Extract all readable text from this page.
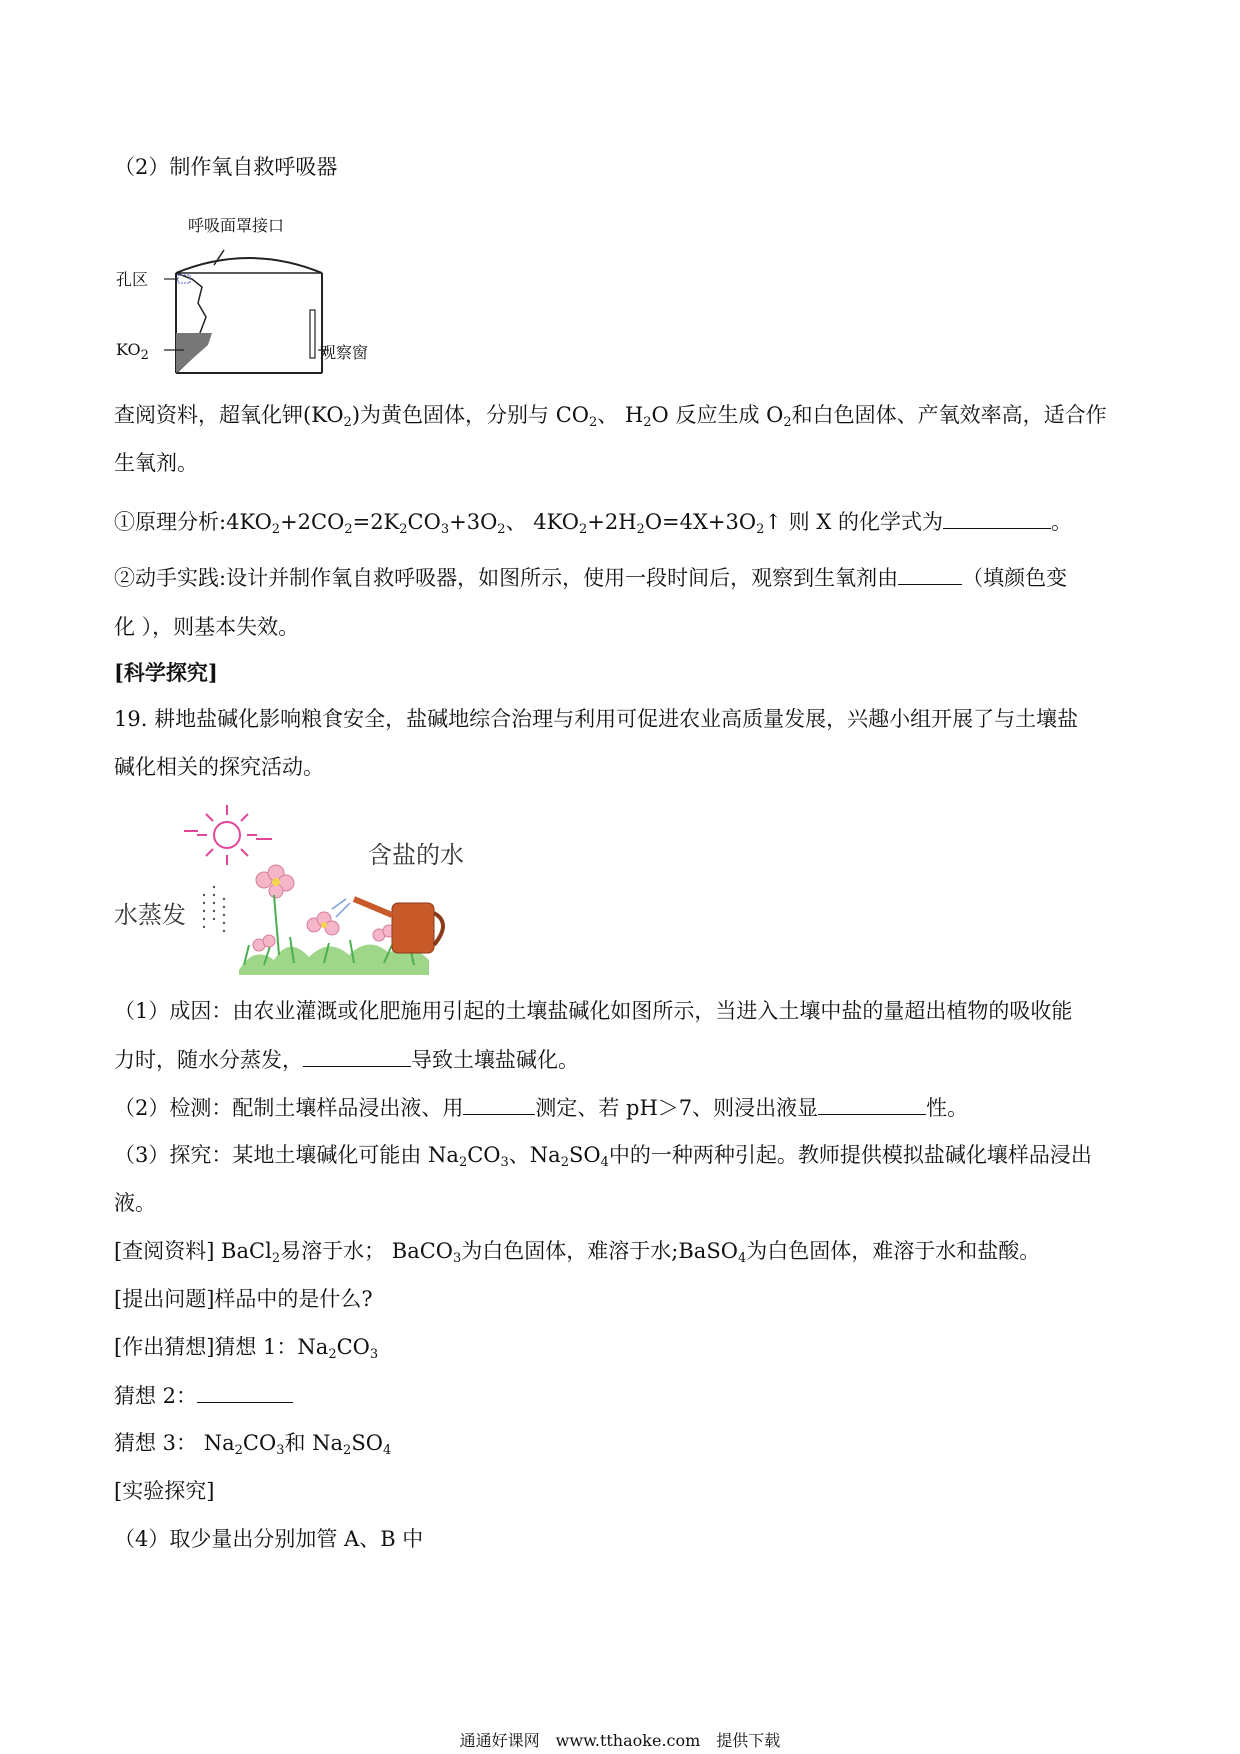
（2）制作氧自救呼吸器
呼吸面罩接口
孔区
$KO_2$	观察窗
查阅资料，超氧化钾$(KO_2)$为黄色固体，分别与 $CO_2$、 $H_2O$ 反应生成 $O_2$和白色固体、产氧效率高，适合作
生氧剂。
①原理分析$:4KO_2+2CO_2=2K_2CO_3+3O_2$、 $4KO_2+2H_2O=4X+3O_2↑$ 则 X 的化学式为	。
②动手实践:设计并制作氧自救呼吸器，如图所示，使用一段时间后，观察到生氧剂由	（填颜色变
化 ），则基本失效。
[科学探究]
19. 耕地盐碱化影响粮食安全，盐碱地综合治理与利用可促进农业高质量发展，兴趣小组开展了与土壤盐
碱化相关的探究活动。
含盐的水
水蒸发
（1）成因：由农业灌溉或化肥施用引起的土壤盐碱化如图所示，当进入土壤中盐的量超出植物的吸收能
力时，随水分蒸发，	导致土壤盐碱化。
（2）检测：配制土壤样品浸出液、用	测定、若 pH＞7、则浸出液显	性。
（3）探究：某地土壤碱化可能由 $Na_2CO_3$、$Na_2SO_4$中的一种两种引起。教师提供模拟盐碱化壤样品浸出
液。
[查阅资料] BaCl$_2$易溶于水； BaCO$_3$为白色固体，难溶于水;BaSO$_4$为白色固体，难溶于水和盐酸。
[提出问题]样品中的是什么?
[作出猜想]猜想 1：$Na_2CO_3$
猜想 2：
猜想 3： $Na_2CO_3$和 $Na_2SO_4$
[实验探究]
（4）取少量出分别加管 A、B 中
通通好课网　www.tthaoke.com　提供下载
